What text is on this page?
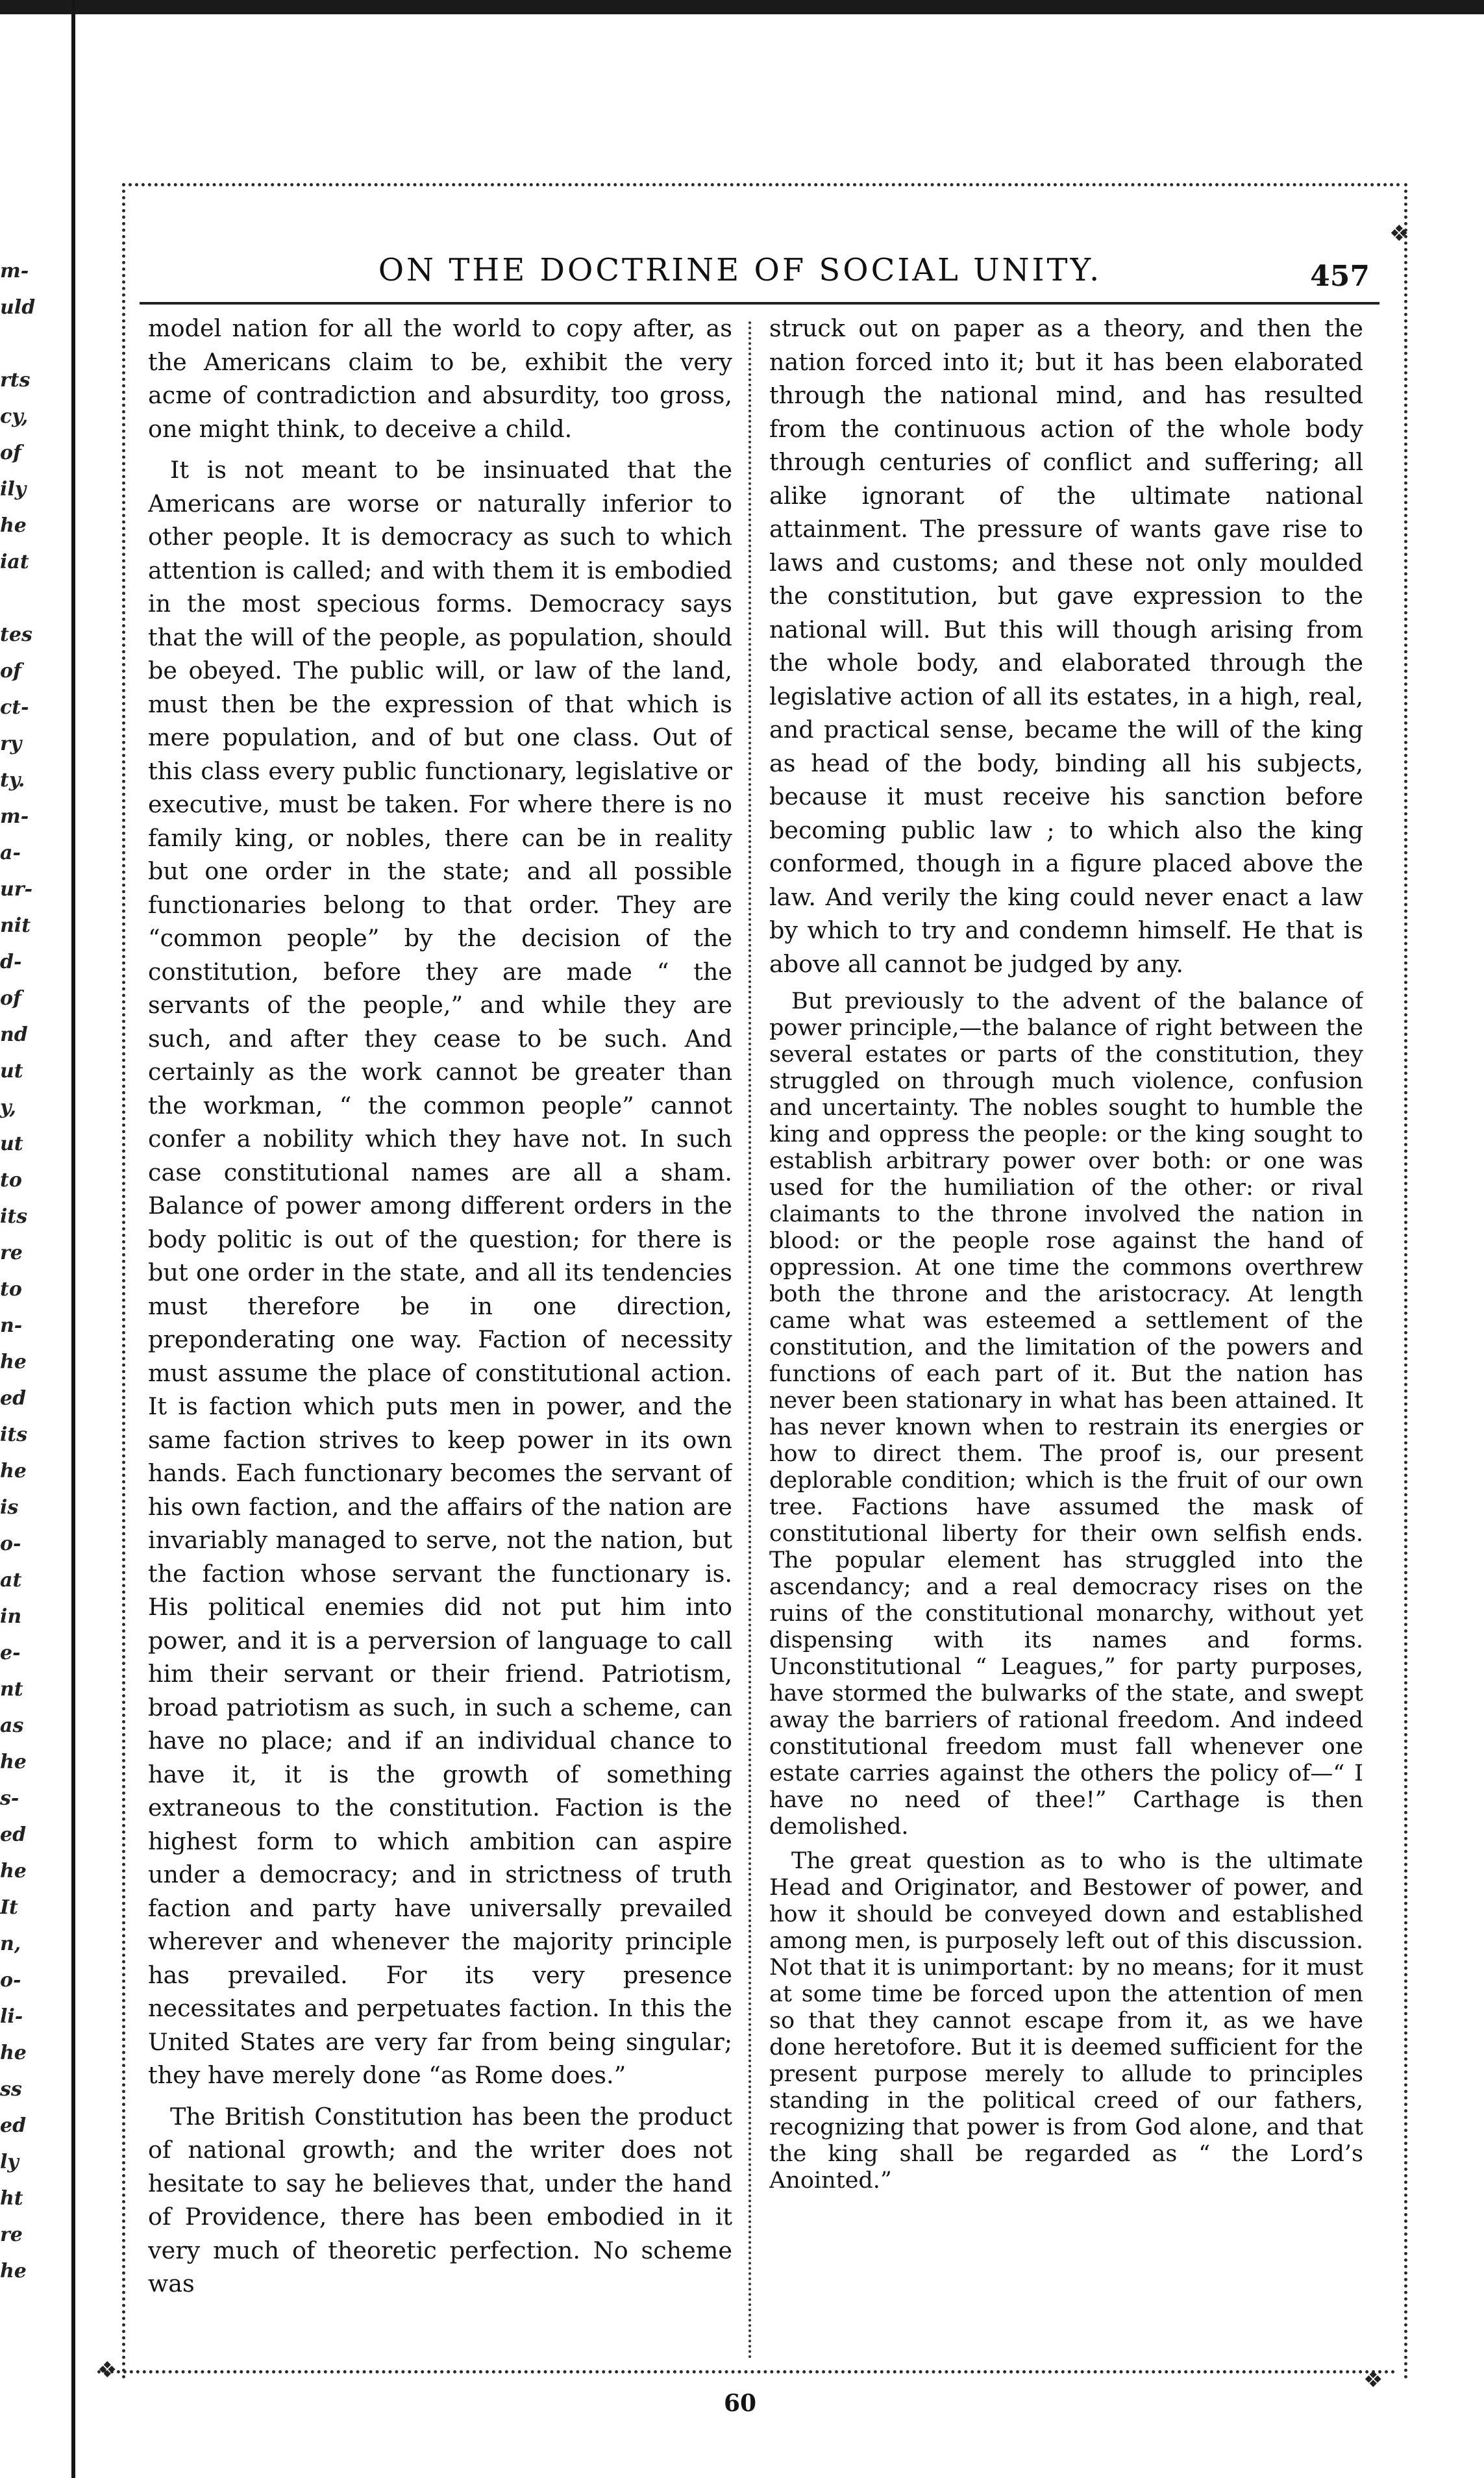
m-
uld
rts
cy,
of
ily
he
iat
tes
of
ct-
ry
ty.
m-
a-
ur-
nit
d-
of
nd
ut
y,
ut
to
its
re
to
n-
he
ed
its
he
is
o-
at
in
e-
nt
as
he
s-
ed
he
It
n,
o-
li-
he
ss
ed
ly
ht
re
he
❖
❖	❖
ON THE DOCTRINE OF SOCIAL UNITY.	457

model nation for all the world to copy after, as the Americans claim to be, exhibit the very acme of contradiction and absurdity, too gross, one might think, to deceive a child.

It is not meant to be insinuated that the Americans are worse or naturally inferior to other people. It is democracy as such to which attention is called; and with them it is embodied in the most specious forms. Democracy says that the will of the people, as population, should be obeyed. The public will, or law of the land, must then be the expression of that which is mere population, and of but one class. Out of this class every public functionary, legislative or executive, must be taken. For where there is no family king, or nobles, there can be in reality but one order in the state; and all possible functionaries belong to that order. They are “common people” by the decision of the constitution, before they are made “ the servants of the people,” and while they are such, and after they cease to be such. And certainly as the work cannot be greater than the workman, “ the common people” cannot confer a nobility which they have not. In such case constitutional names are all a sham. Balance of power among different orders in the body politic is out of the question; for there is but one order in the state, and all its tendencies must therefore be in one direction, preponderating one way. Faction of necessity must assume the place of constitutional action. It is faction which puts men in power, and the same faction strives to keep power in its own hands. Each functionary becomes the servant of his own faction, and the affairs of the nation are invariably managed to serve, not the nation, but the faction whose servant the functionary is. His political enemies did not put him into power, and it is a perversion of language to call him their servant or their friend. Patriotism, broad patriotism as such, in such a scheme, can have no place; and if an individual chance to have it, it is the growth of something extraneous to the constitution. Faction is the highest form to which ambition can aspire under a democracy; and in strictness of truth faction and party have universally prevailed wherever and whenever the majority principle has prevailed. For its very presence necessitates and perpetuates faction. In this the United States are very far from being singular; they have merely done “as Rome does.”

The British Constitution has been the product of national growth; and the writer does not hesitate to say he believes that, under the hand of Providence, there has been embodied in it very much of theoretic perfection. No scheme was

struck out on paper as a theory, and then the nation forced into it; but it has been elaborated through the national mind, and has resulted from the continuous action of the whole body through centuries of conflict and suffering; all alike ignorant of the ultimate national attainment. The pressure of wants gave rise to laws and customs; and these not only moulded the constitution, but gave expression to the national will. But this will though arising from the whole body, and elaborated through the legislative action of all its estates, in a high, real, and practical sense, became the will of the king as head of the body, binding all his subjects, because it must receive his sanction before becoming public law ; to which also the king conformed, though in a figure placed above the law. And verily the king could never enact a law by which to try and condemn himself. He that is above all cannot be judged by any.

But previously to the advent of the balance of power principle,—the balance of right between the several estates or parts of the constitution, they struggled on through much violence, confusion and uncertainty. The nobles sought to humble the king and oppress the people: or the king sought to establish arbitrary power over both: or one was used for the humiliation of the other: or rival claimants to the throne involved the nation in blood: or the people rose against the hand of oppression. At one time the commons overthrew both the throne and the aristocracy. At length came what was esteemed a settlement of the constitution, and the limitation of the powers and functions of each part of it. But the nation has never been stationary in what has been attained. It has never known when to restrain its energies or how to direct them. The proof is, our present deplorable condition; which is the fruit of our own tree. Factions have assumed the mask of constitutional liberty for their own selfish ends. The popular element has struggled into the ascendancy; and a real democracy rises on the ruins of the constitutional monarchy, without yet dispensing with its names and forms. Unconstitutional “ Leagues,” for party purposes, have stormed the bulwarks of the state, and swept away the barriers of rational freedom. And indeed constitutional freedom must fall whenever one estate carries against the others the policy of—“ I have no need of thee!” Carthage is then demolished.

The great question as to who is the ultimate Head and Originator, and Bestower of power, and how it should be conveyed down and established among men, is purposely left out of this discussion. Not that it is unimportant: by no means; for it must at some time be forced upon the attention of men so that they cannot escape from it, as we have done heretofore. But it is deemed sufficient for the present purpose merely to allude to principles standing in the political creed of our fathers, recognizing that power is from God alone, and that the king shall be regarded as “ the Lord’s Anointed.”

60
